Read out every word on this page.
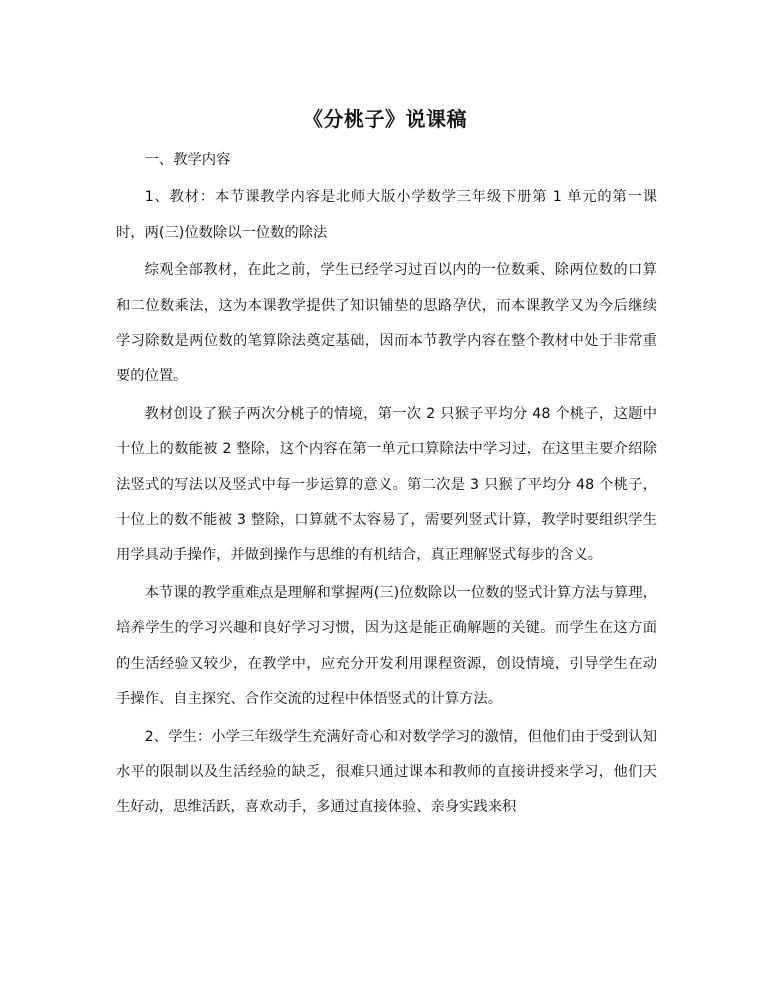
《分桃子》说课稿

一、教学内容

1、教材：本节课教学内容是北师大版小学数学三年级下册第 1 单元的第一课时，两(三)位数除以一位数的除法

综观全部教材，在此之前，学生已经学习过百以内的一位数乘、除两位数的口算和二位数乘法，这为本课教学提供了知识铺垫的思路孕伏，而本课教学又为今后继续学习除数是两位数的笔算除法奠定基础，因而本节教学内容在整个教材中处于非常重要的位置。

教材创设了猴子两次分桃子的情境，第一次 2 只猴子平均分 48 个桃子，这题中十位上的数能被 2 整除，这个内容在第一单元口算除法中学习过，在这里主要介绍除法竖式的写法以及竖式中每一步运算的意义。第二次是 3 只猴了平均分 48 个桃子，十位上的数不能被 3 整除，口算就不太容易了，需要列竖式计算，教学时要组织学生用学具动手操作，并做到操作与思维的有机结合，真正理解竖式每步的含义。

本节课的教学重难点是理解和掌握两(三)位数除以一位数的竖式计算方法与算理，培养学生的学习兴趣和良好学习习惯，因为这是能正确解题的关键。而学生在这方面的生活经验又较少，在教学中，应充分开发利用课程资源，创设情境，引导学生在动手操作、自主探究、合作交流的过程中体悟竖式的计算方法。

2、学生：小学三年级学生充满好奇心和对数学学习的激情，但他们由于受到认知水平的限制以及生活经验的缺乏，很难只通过课本和教师的直接讲授来学习，他们天生好动，思维活跃，喜欢动手，多通过直接体验、亲身实践来积
